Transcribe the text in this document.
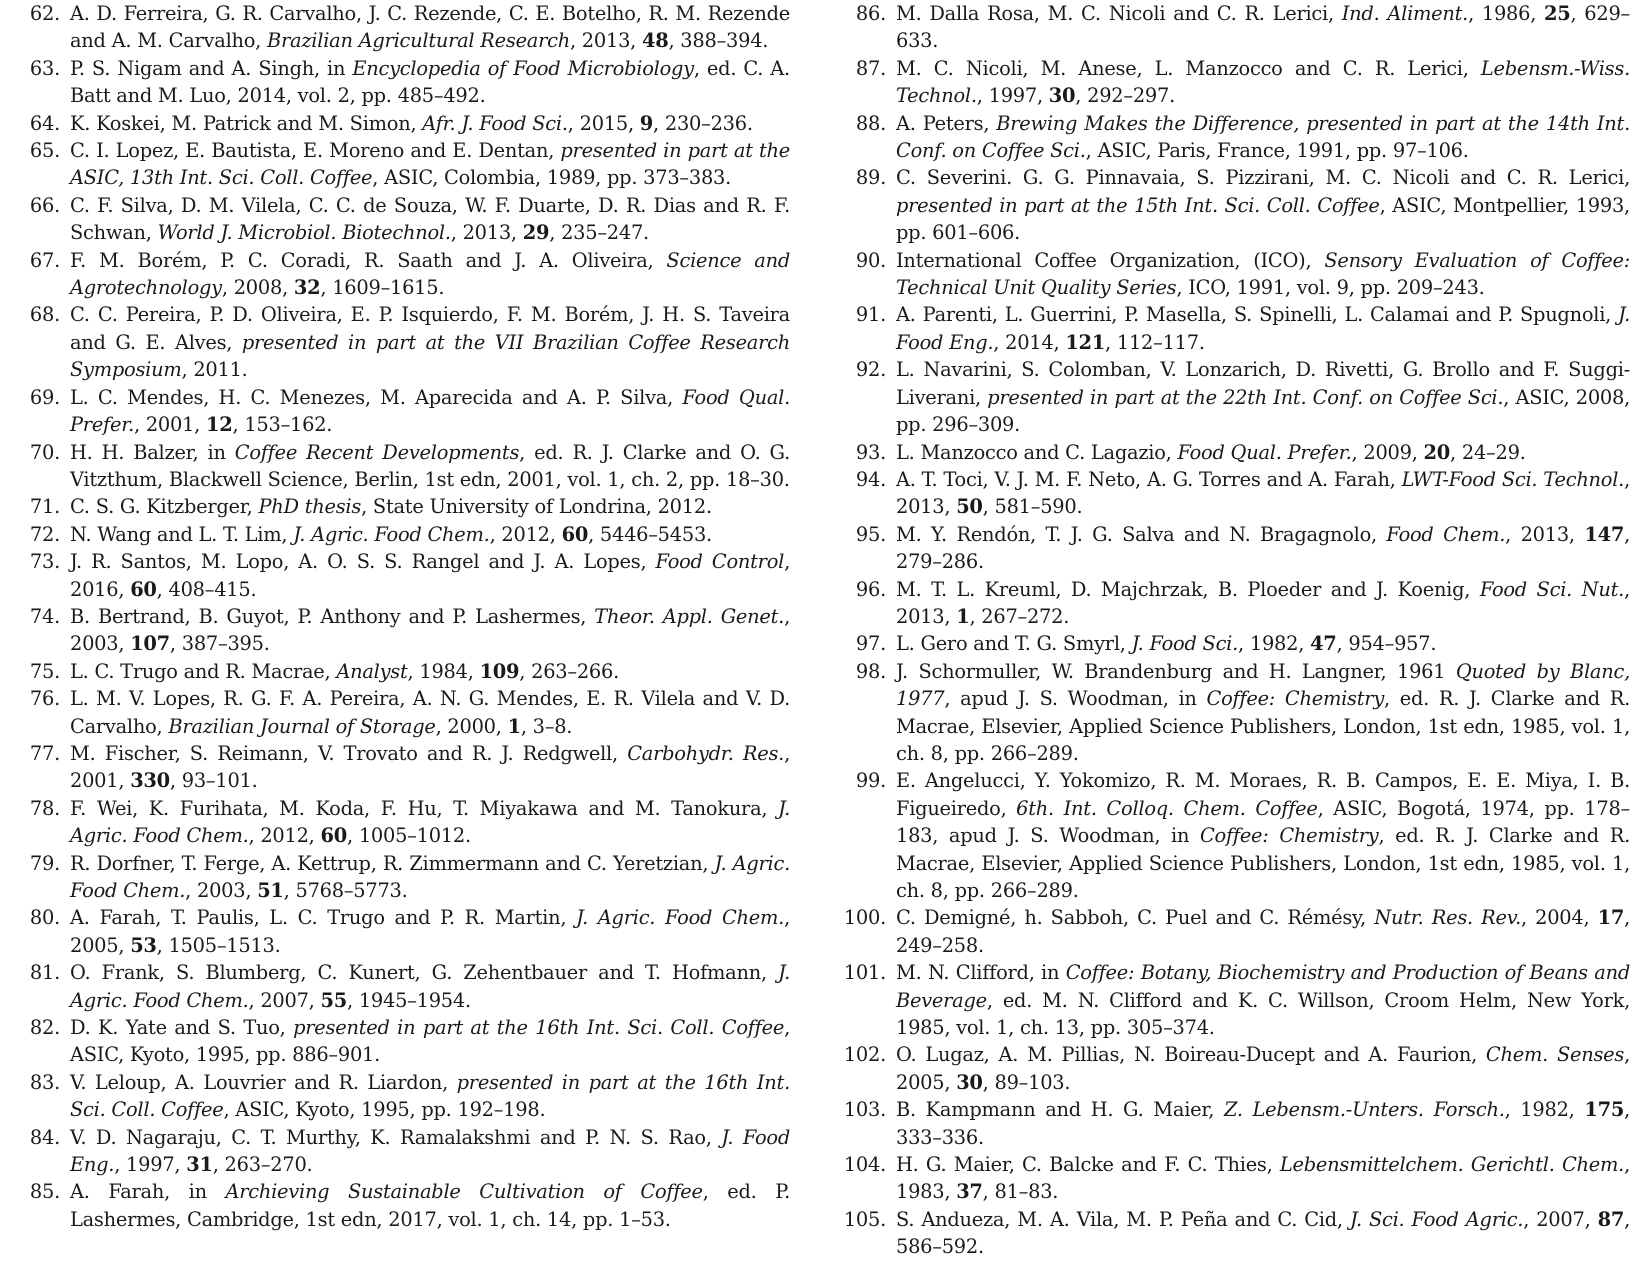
62. A. D. Ferreira, G. R. Carvalho, J. C. Rezende, C. E. Botelho, R. M. Rezende and A. M. Carvalho, Brazilian Agricultural Research, 2013, 48, 388–394.
63. P. S. Nigam and A. Singh, in Encyclopedia of Food Microbiology, ed. C. A. Batt and M. Luo, 2014, vol. 2, pp. 485–492.
64. K. Koskei, M. Patrick and M. Simon, Afr. J. Food Sci., 2015, 9, 230–236.
65. C. I. Lopez, E. Bautista, E. Moreno and E. Dentan, presented in part at the ASIC, 13th Int. Sci. Coll. Coffee, ASIC, Colombia, 1989, pp. 373–383.
66. C. F. Silva, D. M. Vilela, C. C. de Souza, W. F. Duarte, D. R. Dias and R. F. Schwan, World J. Microbiol. Biotechnol., 2013, 29, 235–247.
67. F. M. Borém, P. C. Coradi, R. Saath and J. A. Oliveira, Science and Agrotechnology, 2008, 32, 1609–1615.
68. C. C. Pereira, P. D. Oliveira, E. P. Isquierdo, F. M. Borém, J. H. S. Taveira and G. E. Alves, presented in part at the VII Brazilian Coffee Research Symposium, 2011.
69. L. C. Mendes, H. C. Menezes, M. Aparecida and A. P. Silva, Food Qual. Prefer., 2001, 12, 153–162.
70. H. H. Balzer, in Coffee Recent Developments, ed. R. J. Clarke and O. G. Vitzthum, Blackwell Science, Berlin, 1st edn, 2001, vol. 1, ch. 2, pp. 18–30.
71. C. S. G. Kitzberger, PhD thesis, State University of Londrina, 2012.
72. N. Wang and L. T. Lim, J. Agric. Food Chem., 2012, 60, 5446–5453.
73. J. R. Santos, M. Lopo, A. O. S. S. Rangel and J. A. Lopes, Food Control, 2016, 60, 408–415.
74. B. Bertrand, B. Guyot, P. Anthony and P. Lashermes, Theor. Appl. Genet., 2003, 107, 387–395.
75. L. C. Trugo and R. Macrae, Analyst, 1984, 109, 263–266.
76. L. M. V. Lopes, R. G. F. A. Pereira, A. N. G. Mendes, E. R. Vilela and V. D. Carvalho, Brazilian Journal of Storage, 2000, 1, 3–8.
77. M. Fischer, S. Reimann, V. Trovato and R. J. Redgwell, Carbohydr. Res., 2001, 330, 93–101.
78. F. Wei, K. Furihata, M. Koda, F. Hu, T. Miyakawa and M. Tanokura, J. Agric. Food Chem., 2012, 60, 1005–1012.
79. R. Dorfner, T. Ferge, A. Kettrup, R. Zimmermann and C. Yeretzian, J. Agric. Food Chem., 2003, 51, 5768–5773.
80. A. Farah, T. Paulis, L. C. Trugo and P. R. Martin, J. Agric. Food Chem., 2005, 53, 1505–1513.
81. O. Frank, S. Blumberg, C. Kunert, G. Zehentbauer and T. Hofmann, J. Agric. Food Chem., 2007, 55, 1945–1954.
82. D. K. Yate and S. Tuo, presented in part at the 16th Int. Sci. Coll. Coffee, ASIC, Kyoto, 1995, pp. 886–901.
83. V. Leloup, A. Louvrier and R. Liardon, presented in part at the 16th Int. Sci. Coll. Coffee, ASIC, Kyoto, 1995, pp. 192–198.
84. V. D. Nagaraju, C. T. Murthy, K. Ramalakshmi and P. N. S. Rao, J. Food Eng., 1997, 31, 263–270.
85. A. Farah, in Archieving Sustainable Cultivation of Coffee, ed. P. Lashermes, Cambridge, 1st edn, 2017, vol. 1, ch. 14, pp. 1–53.
86. M. Dalla Rosa, M. C. Nicoli and C. R. Lerici, Ind. Aliment., 1986, 25, 629–633.
87. M. C. Nicoli, M. Anese, L. Manzocco and C. R. Lerici, Lebensm.-Wiss. Technol., 1997, 30, 292–297.
88. A. Peters, Brewing Makes the Difference, presented in part at the 14th Int. Conf. on Coffee Sci., ASIC, Paris, France, 1991, pp. 97–106.
89. C. Severini. G. G. Pinnavaia, S. Pizzirani, M. C. Nicoli and C. R. Lerici, presented in part at the 15th Int. Sci. Coll. Coffee, ASIC, Montpellier, 1993, pp. 601–606.
90. International Coffee Organization, (ICO), Sensory Evaluation of Coffee: Technical Unit Quality Series, ICO, 1991, vol. 9, pp. 209–243.
91. A. Parenti, L. Guerrini, P. Masella, S. Spinelli, L. Calamai and P. Spugnoli, J. Food Eng., 2014, 121, 112–117.
92. L. Navarini, S. Colomban, V. Lonzarich, D. Rivetti, G. Brollo and F. Suggi-Liverani, presented in part at the 22th Int. Conf. on Coffee Sci., ASIC, 2008, pp. 296–309.
93. L. Manzocco and C. Lagazio, Food Qual. Prefer., 2009, 20, 24–29.
94. A. T. Toci, V. J. M. F. Neto, A. G. Torres and A. Farah, LWT-Food Sci. Technol., 2013, 50, 581–590.
95. M. Y. Rendón, T. J. G. Salva and N. Bragagnolo, Food Chem., 2013, 147, 279–286.
96. M. T. L. Kreuml, D. Majchrzak, B. Ploeder and J. Koenig, Food Sci. Nut., 2013, 1, 267–272.
97. L. Gero and T. G. Smyrl, J. Food Sci., 1982, 47, 954–957.
98. J. Schormuller, W. Brandenburg and H. Langner, 1961 Quoted by Blanc, 1977, apud J. S. Woodman, in Coffee: Chemistry, ed. R. J. Clarke and R. Macrae, Elsevier, Applied Science Publishers, London, 1st edn, 1985, vol. 1, ch. 8, pp. 266–289.
99. E. Angelucci, Y. Yokomizo, R. M. Moraes, R. B. Campos, E. E. Miya, I. B. Figueiredo, 6th. Int. Colloq. Chem. Coffee, ASIC, Bogotá, 1974, pp. 178–183, apud J. S. Woodman, in Coffee: Chemistry, ed. R. J. Clarke and R. Macrae, Elsevier, Applied Science Publishers, London, 1st edn, 1985, vol. 1, ch. 8, pp. 266–289.
100. C. Demigné, h. Sabboh, C. Puel and C. Rémésy, Nutr. Res. Rev., 2004, 17, 249–258.
101. M. N. Clifford, in Coffee: Botany, Biochemistry and Production of Beans and Beverage, ed. M. N. Clifford and K. C. Willson, Croom Helm, New York, 1985, vol. 1, ch. 13, pp. 305–374.
102. O. Lugaz, A. M. Pillias, N. Boireau-Ducept and A. Faurion, Chem. Senses, 2005, 30, 89–103.
103. B. Kampmann and H. G. Maier, Z. Lebensm.-Unters. Forsch., 1982, 175, 333–336.
104. H. G. Maier, C. Balcke and F. C. Thies, Lebensmittelchem. Gerichtl. Chem., 1983, 37, 81–83.
105. S. Andueza, M. A. Vila, M. P. Peña and C. Cid, J. Sci. Food Agric., 2007, 87, 586–592.
